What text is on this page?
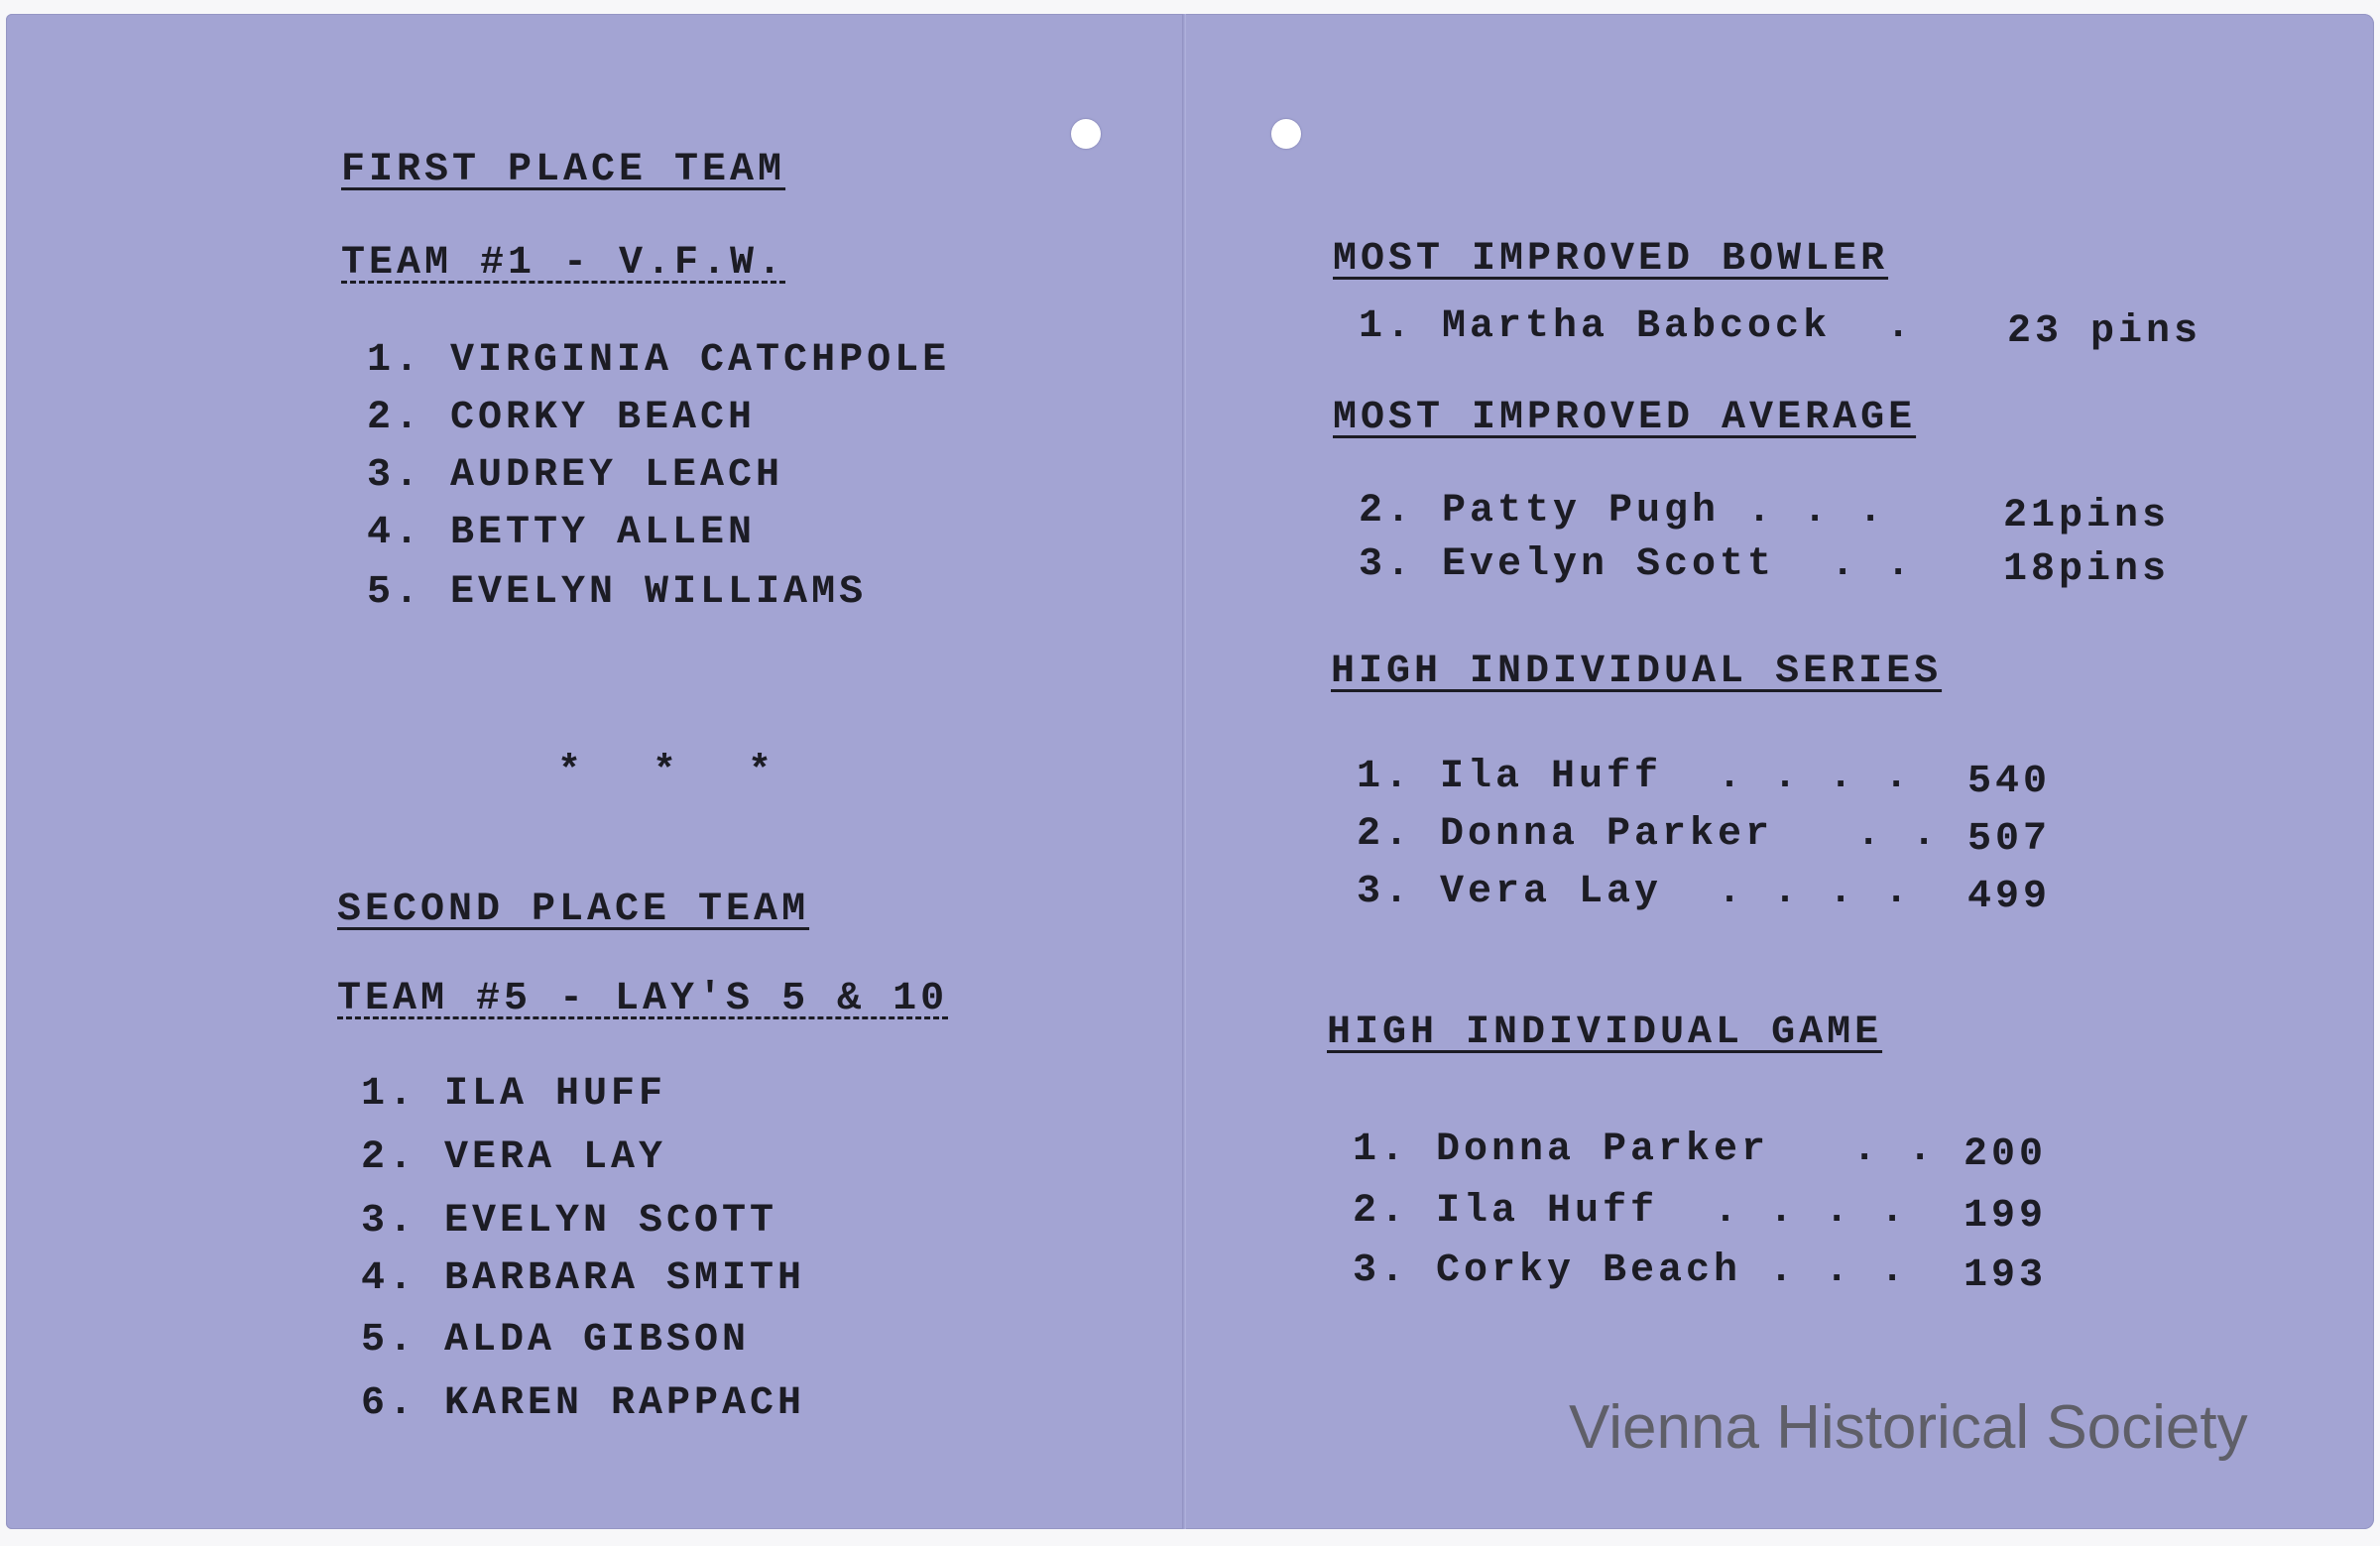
FIRST PLACE TEAM
TEAM #1 - V.F.W.
1. VIRGINIA CATCHPOLE
2. CORKY BEACH
3. AUDREY LEACH
4. BETTY ALLEN
5. EVELYN WILLIAMS
* * *
SECOND PLACE TEAM
TEAM #5 - LAY'S 5 & 10
1. ILA HUFF
2. VERA LAY
3. EVELYN SCOTT
4. BARBARA SMITH
5. ALDA GIBSON
6. KAREN RAPPACH
MOST IMPROVED BOWLER
1. Martha Babcock  . 23 pins
MOST IMPROVED AVERAGE
2. Patty Pugh . . .	21pins
3. Evelyn Scott  . . 18pins
HIGH INDIVIDUAL SERIES
1. Ila Huff  . . . . 540
2. Donna Parker   . . 507
3. Vera Lay  . . . . 499
HIGH INDIVIDUAL GAME
1. Donna Parker   . . 200
2. Ila Huff  . . . . 199
3. Corky Beach . . . 193
Vienna Historical Society
